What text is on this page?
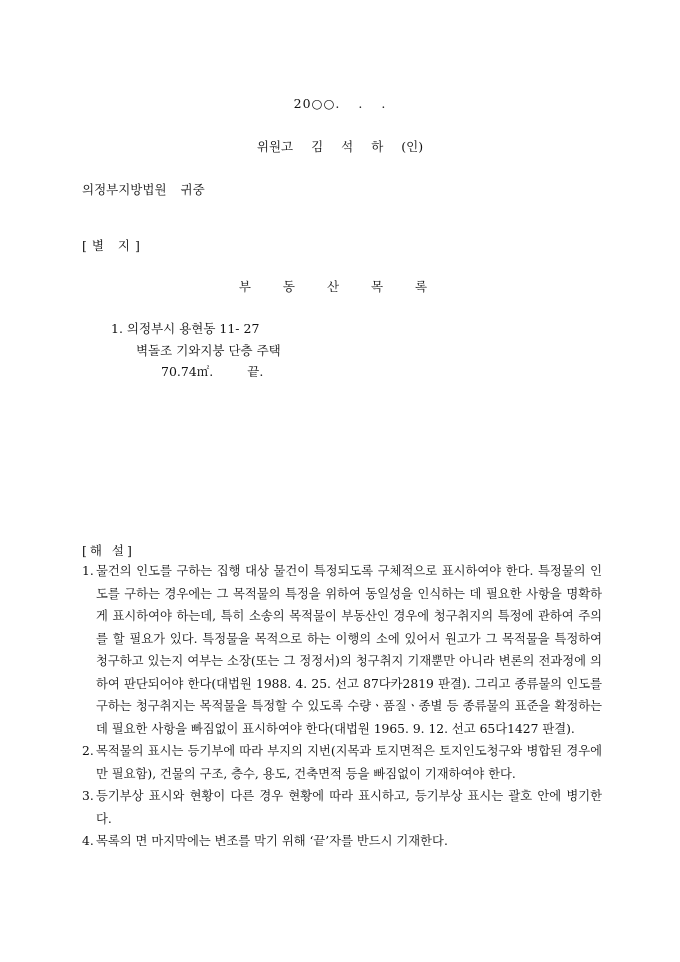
20○○. . .
위원고 김 석 하 (인)
의정부지방법원 귀중
[별 지]
부 동 산 목 록
1. 의정부시 용현동 11- 27
벽돌조 기와지붕 단층 주택
70.74㎡.	끝.
[해 설]
1. 물건의 인도를 구하는 집행 대상 물건이 특정되도록 구체적으로 표시하여야 한다. 특정물의 인도를 구하는 경우에는 그 목적물의 특정을 위하여 동일성을 인식하는 데 필요한 사항을 명확하게 표시하여야 하는데, 특히 소송의 목적물이 부동산인 경우에 청구취지의 특정에 관하여 주의를 할 필요가 있다. 특정물을 목적으로 하는 이행의 소에 있어서 원고가 그 목적물을 특정하여 청구하고 있는지 여부는 소장(또는 그 정정서)의 청구취지 기재뿐만 아니라 변론의 전과정에 의하여 판단되어야 한다(대법원 1988. 4. 25. 선고 87다카2819 판결). 그리고 종류물의 인도를 구하는 청구취지는 목적물을 특정할 수 있도록 수량ㆍ품질ㆍ종별 등 종류물의 표준을 확정하는 데 필요한 사항을 빠짐없이 표시하여야 한다(대법원 1965. 9. 12. 선고 65다1427 판결).
2. 목적물의 표시는 등기부에 따라 부지의 지번(지목과 토지면적은 토지인도청구와 병합된 경우에만 필요함), 건물의 구조, 층수, 용도, 건축면적 등을 빠짐없이 기재하여야 한다.
3. 등기부상 표시와 현황이 다른 경우 현황에 따라 표시하고, 등기부상 표시는 괄호 안에 병기한다.
4. 목록의 면 마지막에는 변조를 막기 위해 ‘끝’자를 반드시 기재한다.
